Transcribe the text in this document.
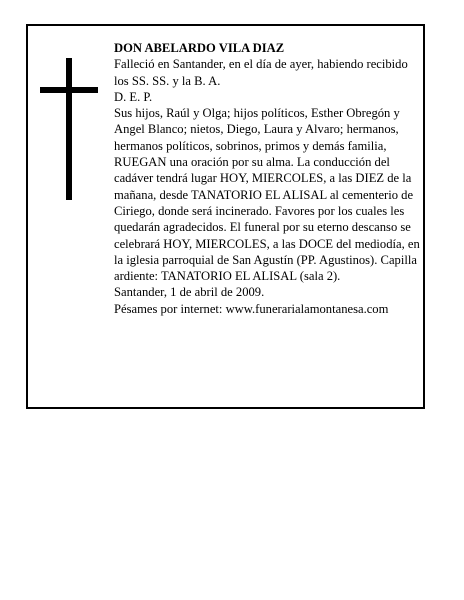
DON ABELARDO VILA DIAZ

Falleció en Santander, en el día de ayer, habiendo recibido los SS. SS. y la B. A.

D. E. P.

Sus hijos, Raúl y Olga; hijos políticos, Esther Obregón y Angel Blanco; nietos, Diego, Laura y Alvaro; hermanos, hermanos políticos, sobrinos, primos y demás familia,

RUEGAN una oración por su alma. La conducción del cadáver tendrá lugar HOY, MIERCOLES, a las DIEZ de la mañana, desde TANATORIO EL ALISAL al cementerio de Ciriego, donde será incinerado. Favores por los cuales les quedarán agradecidos. El funeral por su eterno descanso se celebrará HOY, MIERCOLES, a las DOCE del mediodía, en la iglesia parroquial de San Agustín (PP. Agustinos). Capilla ardiente: TANATORIO EL ALISAL (sala 2).

Santander, 1 de abril de 2009.

Pésames por internet: www.funerarialamontanesa.com
